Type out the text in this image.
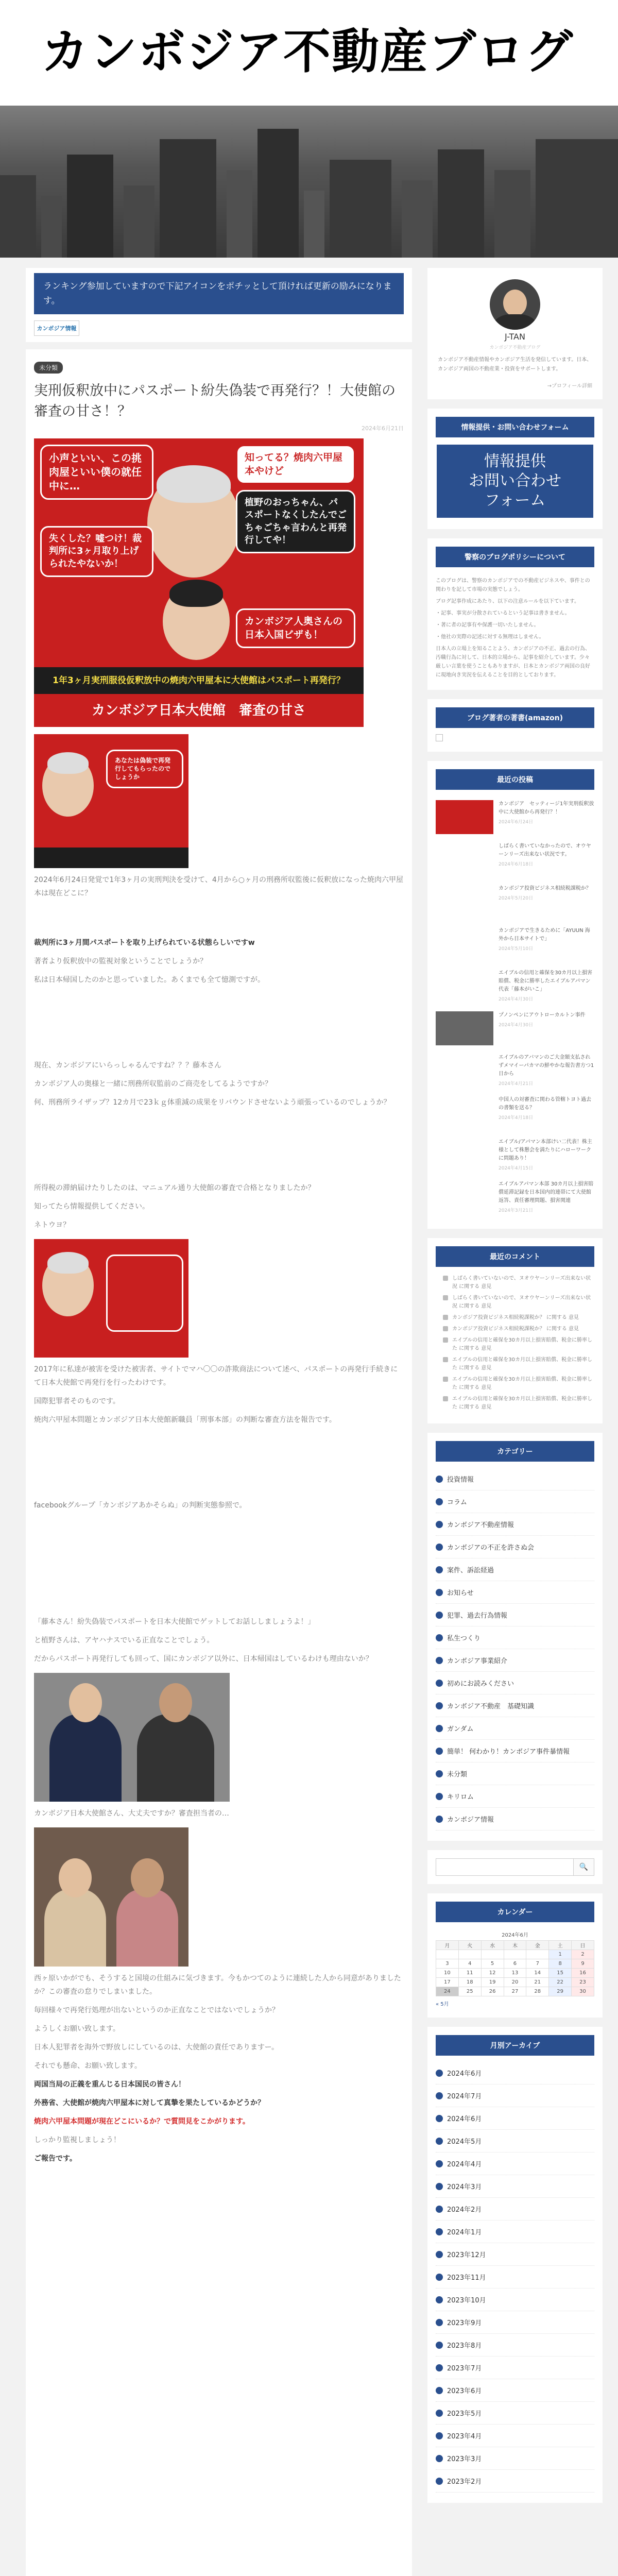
カンボジア不動産ブログ
ランキング参加していますので下記アイコンをポチッとして頂ければ更新の励みになります。
カンボジア情報
未分類
実刑仮釈放中にパスポート紛失偽装で再発行？！大使館の審査の甘さ！？
2024年6月21日
小声といい、この挑肉屋といい僕の就任中に…
知ってる？焼肉六甲屋本やけど
植野のおっちゃん、パスポートなくしたんでごちゃごちゃ言わんと再発行してや！
失くした？嘘つけ！裁判所に3ヶ月取り上げられたやないか！
カンボジア人奥さんの日本入国ビザも！
1年3ヶ月実刑服役仮釈放中の焼肉六甲屋本に大使館はパスポート再発行？
カンボジア日本大使館　審査の甘さ
あなたは偽装で再発行してもらったのでしょうか

2024年6月24日発覚で1年3ヶ月の実刑判決を受けて、4月から○ヶ月の刑務所収監後に仮釈放になった焼肉六甲屋本は現在どこに？

裁判所に3ヶ月間パスポートを取り上げられている状態らしいですw

著者より仮釈放中の監視対象ということでしょうか？

私は日本帰国したのかと思っていました。あくまでも全て憶測ですが。

現在、カンボジアにいらっしゃるんですね？？？藤本さん

カンボジア人の奥様と一緒に刑務所収監前のご商売をしてるようですか？

何、刑務所ライザップ？12カ月で23ｋｇ体重減の成果をリバウンドさせないよう頑張っているのでしょうか？

所得税の滞納届けたりしたのは、マニュアル通り大使館の審査で合格となりましたか？

知ってたら情報提供してください。

ネトウヨ？

2017年に私達が被害を受けた被害者、サイトでマハ〇〇の詐欺商法について述べ、パスポートの再発行手続きにて日本大使館で再発行を行ったわけです。

国際犯罪者そのものです。

焼肉六甲屋本問題とカンボジア日本大使館新職員「刑事本部」の判断な審査方法を報告です。

facebookグループ「カンボジアあかそらぬ」の判断実態参照で。

「藤本さん！紛失偽装でパスポートを日本大使館でゲットしてお話ししましょうよ！」

と植野さんは、アヤハナスでいる正直なことでしょう。

だからパスポート再発行しても回って、国にカンボジア以外に、日本帰国はしているわけも理由ないか？

カンボジア日本大使館さん、大丈夫ですか？審査担当者の…

西ヶ原いかがでも、そうすると国境の仕組みに気づきます。今もかつてのように連続した人から同意がありましたか？この審査の怠りでしまいました。

毎回様々で再発行処理が出ないというのか正直なことではないでしょうか？

ようしくお願い致します。

日本人犯罪者を海外で野放しにしているのは、大使館の責任でありますー。

それでも懸命、お願い致します。

両国当局の正義を重んじる日本国民の皆さん！

外務省、大使館が焼肉六甲屋本に対して真摯を果たしているかどうか？

焼肉六甲屋本問題が現在どこにいるか？で質問見をこかがります。

しっかり監視しましょう！

ご報告です。

J-TAN
カンボジア不動産ブログ
カンボジア不動産情報やカンボジア生活を発信しています。日本、カンボジア両国の不動産業・投資をサポートします。
→プロフィール詳細
情報提供・お問い合わせフォーム
情報提供
お問い合わせ
フォーム
警察のブログポリシーについて

このブログは、警察のカンボジアでの不動産ビジネスや、事件との関わりを記して市場の実態でしょう。

ブログ記事作成にあたり、以下の注意ルールを以下ています。

・記事、事実が分散されているという記事は書きません。

・著に者の記事有や保護一切いたしません。

・他社の実際の記述に対する無理はしません。

日本人の立場上を知ることよう、カンボジアの不正、過去の行為、汚職行為に対して、日本的立場から、記事を紹介しています。少々厳しい言葉を使うこともありますが、日本とカンボジア両国の良好に現地向き実況を伝えることを目的としております。

ブログ著者の著書(amazon)
最近の投稿
カンボジア　セッティージ1年実刑仮釈放中に大使館から再発行？！
2024年6月24日
しばらく書いていなかったので、オウヤーンリーズ出来ない状況です。
2024年6月18日
カンボジア投資ビジネス相続税課税か？
2024年5月20日
カンボジアで生きるために「AYUUN 海外から日本サイトで」
2024年5月10日
エイブルの信用と確保を30カ月以上損害賠償、税金に勝率したエイブルアパマン代表「藤本がいこ」
2024年4月30日
プノンペンにアウトローカルトン事件
2024年4月30日
エイブルのアバマンのご大金額支払されずメマイーパカマの鮮やかな報告書方つ1日から
2024年4月21日
中国人の対審査に関わる管轄トヨト過去の書類を送る？
2024年4月18日
エイブル/アパマン本部けい二代表！株主様として株懇会を満たりにハローワークに問題あり！
2024年4月15日
エイブルアパマン本部 30カ月以上損害賠償延滞記録を日本国内的連帯にて大使館返答、責任審理問題、損害関連
2024年3月21日
最近のコメント
しばらく書いていないので、ヌオウヤーンリーズ出来ない状況 に関する 意見
しばらく書いていないので、ヌオウヤーンリーズ出来ない状況 に関する 意見
カンボジア投資ビジネス相続税課税か？ に関する 意見
カンボジア投資ビジネス相続税課税か？ に関する 意見
エイブルの信用と確保を30カ月以上損害賠償、税金に勝率した に関する 意見
エイブルの信用と確保を30カ月以上損害賠償、税金に勝率した に関する 意見
エイブルの信用と確保を30カ月以上損害賠償、税金に勝率した に関する 意見
エイブルの信用と確保を30カ月以上損害賠償、税金に勝率した に関する 意見
カテゴリー
投資情報
コラム
カンボジア不動産情報
カンボジアの不正を許さぬ会
案件、訴訟経過
お知らせ
犯罪、過去行為情報
私生つくり
カンボジア事業紹介
初めにお読みください
カンボジア不動産　基礎知識
ガンダム
簡単！ 何わかり！カンボジア事件暴情報
未分類
キリロム
カンボジア情報
🔍
カレンダー
2024年6月
月	火	水	木	金	土	日
					1	2
3	4	5	6	7	8	9
10	11	12	13	14	15	16
17	18	19	20	21	22	23
24	25	26	27	28	29	30
« 5月
月別アーカイブ
2024年6月
2024年7月
2024年6月
2024年5月
2024年4月
2024年3月
2024年2月
2024年1月
2023年12月
2023年11月
2023年10月
2023年9月
2023年8月
2023年7月
2023年6月
2023年5月
2023年4月
2023年3月
2023年2月
